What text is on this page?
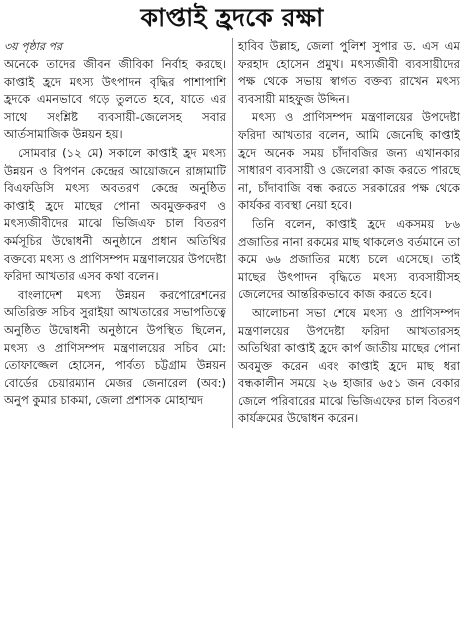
কাপ্তাই হ্রদকে রক্ষা

৩য় পৃষ্ঠার পর

অনেকে তাদের জীবন জীবিকা নির্বাহ করছে। কাপ্তাই হ্রদে মৎস্য উৎপাদন বৃদ্ধির পাশাপাশি হ্রদকে এমনভাবে গড়ে তুলতে হবে, যাতে এর সাথে সংশ্লিষ্ট ব্যবসায়ী-জেলেসহ সবার আর্তসামাজিক উন্নয়ন হয়।

সোমবার (১২ মে) সকালে কাপ্তাই হ্রদ মৎস্য উন্নয়ন ও বিপণন কেন্দ্রের আয়োজনে রাঙ্গামাটি বিএফডিসি মৎস্য অবতরণ কেন্দ্রে অনুষ্ঠিত কাপ্তাই হ্রদে মাছের পোনা অবমুক্তকরণ ও মৎস্যজীবীদের মাঝে ভিজিএফ চাল বিতরণ কর্মসূচির উদ্বোধনী অনুষ্ঠানে প্রধান অতিথির বক্তব্যে মৎস্য ও প্রাণিসম্পদ মন্ত্রণালয়ের উপদেষ্টা ফরিদা আখতার এসব কথা বলেন।

বাংলাদেশ মৎস্য উন্নয়ন করপোরেশনের অতিরিক্ত সচিব সুরাইয়া আখতারের সভাপতিত্বে অনুষ্ঠিত উদ্বোধনী অনুষ্ঠানে উপস্থিত ছিলেন, মৎস্য ও প্রাণিসম্পদ মন্ত্রণালয়ের সচিব মো: তোফাজ্জেল হোসেন, পার্বত্য চট্টগ্রাম উন্নয়ন বোর্ডের চেয়ারম্যান মেজর জেনারেল (অব:) অনুপ কুমার চাকমা, জেলা প্রশাসক মোহাম্মদ

হাবিব উল্লাহ, জেলা পুলিশ সুপার ড. এস এম ফরহাদ হোসেন প্রমুখ। মৎস্যজীবী ব্যবসায়ীদের পক্ষ থেকে সভায় স্বাগত বক্তব্য রাখেন মৎস্য ব্যবসায়ী মাহফুজ উদ্দিন।

মৎস্য ও প্রাণিসম্পদ মন্ত্রণালয়ের উপদেষ্টা ফরিদা আখতার বলেন, আমি জেনেছি কাপ্তাই হ্রদে অনেক সময় চাঁদাবজির জন্য এখানকার সাধারণ ব্যবসায়ী ও জেলেরা কাজ করতে পারছে না, চাঁদাবাজি বন্ধ করতে সরকারের পক্ষ থেকে কার্যকর ব্যবস্থা নেয়া হবে।

তিনি বলেন, কাপ্তাই হ্রদে একসময় ৮৬ প্রজাতির নানা রকমের মাছ থাকলেও বর্তমানে তা কমে ৬৬ প্রজাতির মধ্যে চলে এসেছে। তাই মাছের উৎপাদন বৃদ্ধিতে মৎস্য ব্যবসায়ীসহ জেলেদের আন্তরিকভাবে কাজ করতে হবে।

আলোচনা সভা শেষে মৎস্য ও প্রাণিসম্পদ মন্ত্রণালয়ের উপদেষ্টা ফরিদা আখতারসহ অতিথিরা কাপ্তাই হ্রদে কার্প জাতীয় মাছের পোনা অবমুক্ত করেন এবং কাপ্তাই হ্রদে মাছ ধরা বন্ধকালীন সময়ে ২৬ হাজার ৬৫১ জন বেকার জেলে পরিবারের মাঝে ভিজিএফের চাল বিতরণ কার্যক্রমের উদ্বোধন করেন।
